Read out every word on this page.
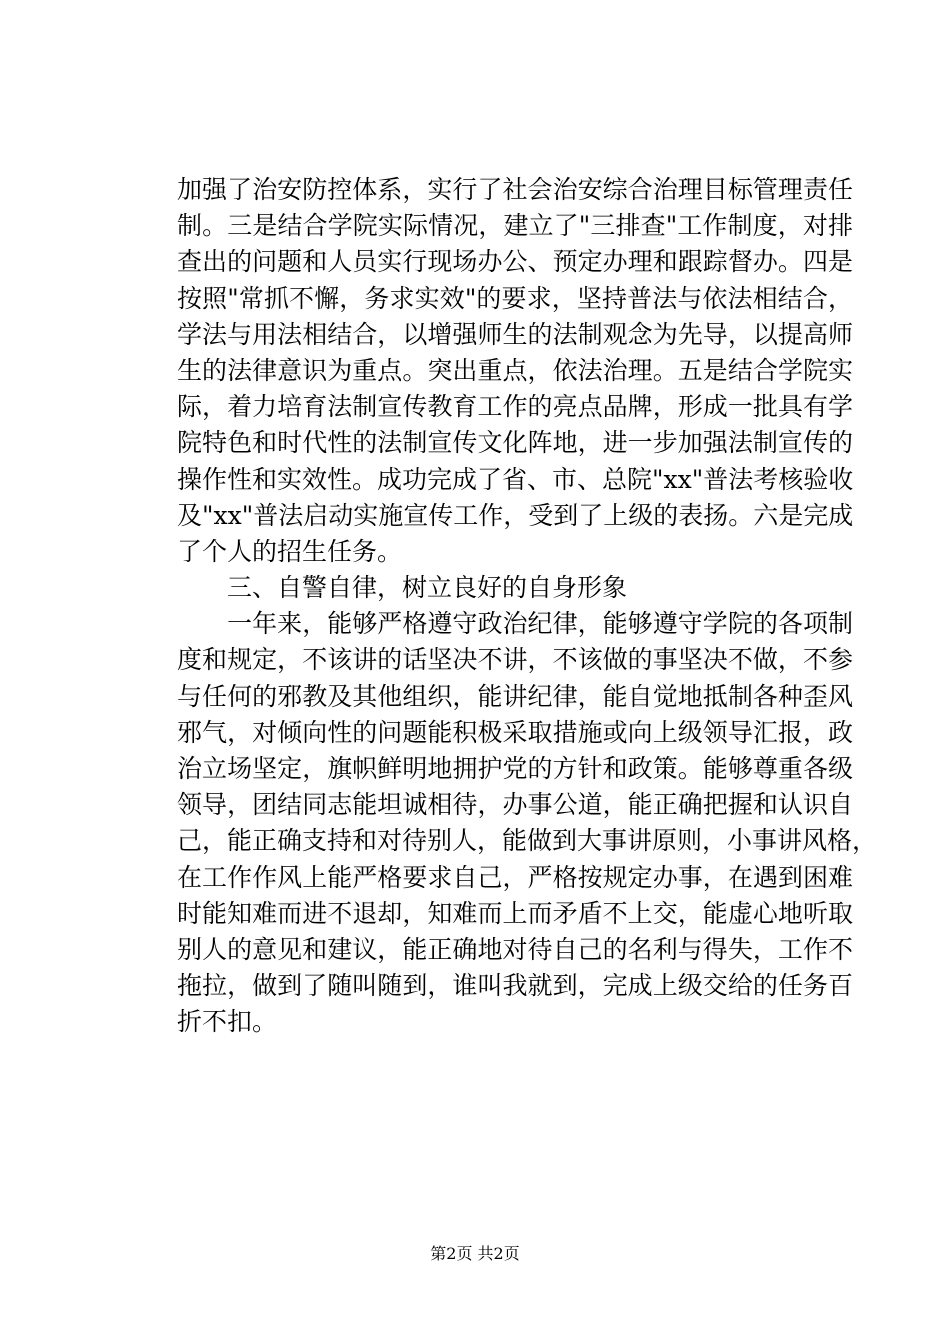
加强了治安防控体系，实行了社会治安综合治理目标管理责任
制。三是结合学院实际情况，建立了"三排查"工作制度，对排
查出的问题和人员实行现场办公、预定办理和跟踪督办。四是
按照"常抓不懈，务求实效"的要求，坚持普法与依法相结合，
学法与用法相结合，以增强师生的法制观念为先导，以提高师
生的法律意识为重点。突出重点，依法治理。五是结合学院实
际，着力培育法制宣传教育工作的亮点品牌，形成一批具有学
院特色和时代性的法制宣传文化阵地，进一步加强法制宣传的
操作性和实效性。成功完成了省、市、总院"xx"普法考核验收
及"xx"普法启动实施宣传工作，受到了上级的表扬。六是完成
了个人的招生任务。
　　三、自警自律，树立良好的自身形象
　　一年来，能够严格遵守政治纪律，能够遵守学院的各项制
度和规定，不该讲的话坚决不讲，不该做的事坚决不做，不参
与任何的邪教及其他组织，能讲纪律，能自觉地抵制各种歪风
邪气，对倾向性的问题能积极采取措施或向上级领导汇报，政
治立场坚定，旗帜鲜明地拥护党的方针和政策。能够尊重各级
领导，团结同志能坦诚相待，办事公道，能正确把握和认识自
己，能正确支持和对待别人，能做到大事讲原则，小事讲风格，
在工作作风上能严格要求自己，严格按规定办事，在遇到困难
时能知难而进不退却，知难而上而矛盾不上交，能虚心地听取
别人的意见和建议，能正确地对待自己的名利与得失，工作不
拖拉，做到了随叫随到，谁叫我就到，完成上级交给的任务百
折不扣。
第2页 共2页
